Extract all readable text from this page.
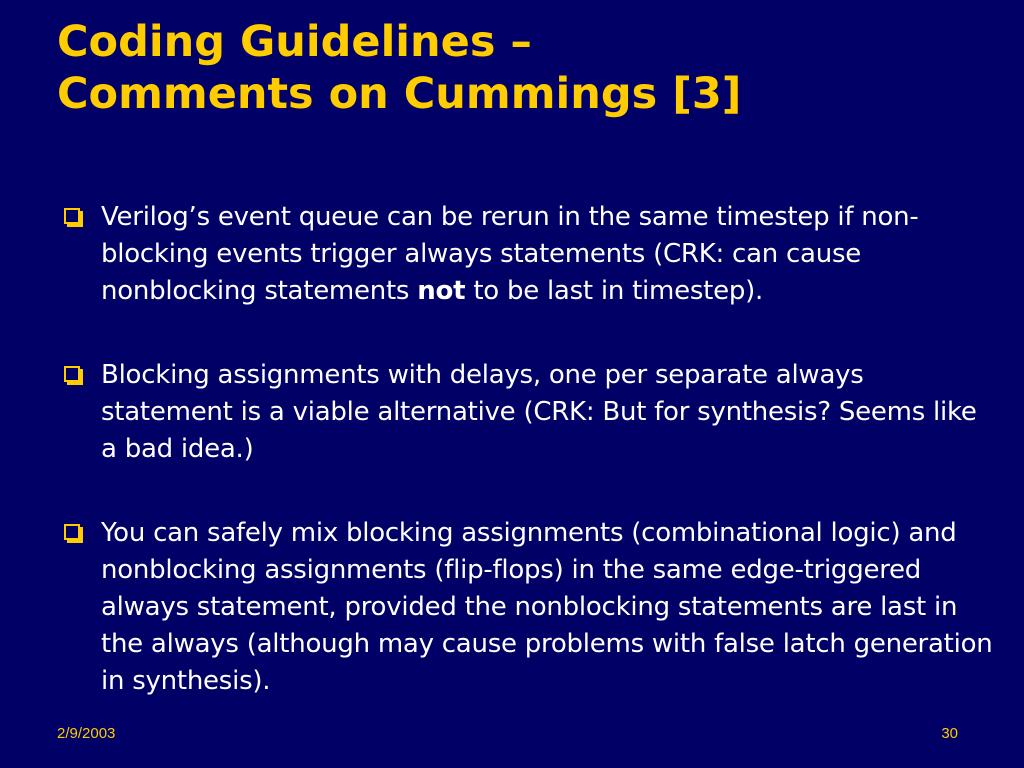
Coding Guidelines –
Comments on Cummings [3]
Verilog’s event queue can be rerun in the same timestep if non-blocking events trigger always statements (CRK: can cause nonblocking statements not to be last in timestep).
Blocking assignments with delays, one per separate always statement is a viable alternative (CRK: But for synthesis? Seems like a bad idea.)
You can safely mix blocking assignments (combinational logic) and nonblocking assignments (flip-flops) in the same edge-triggered always statement, provided the nonblocking statements are last in the always (although may cause problems with false latch generation in synthesis).
2/9/2003	30
